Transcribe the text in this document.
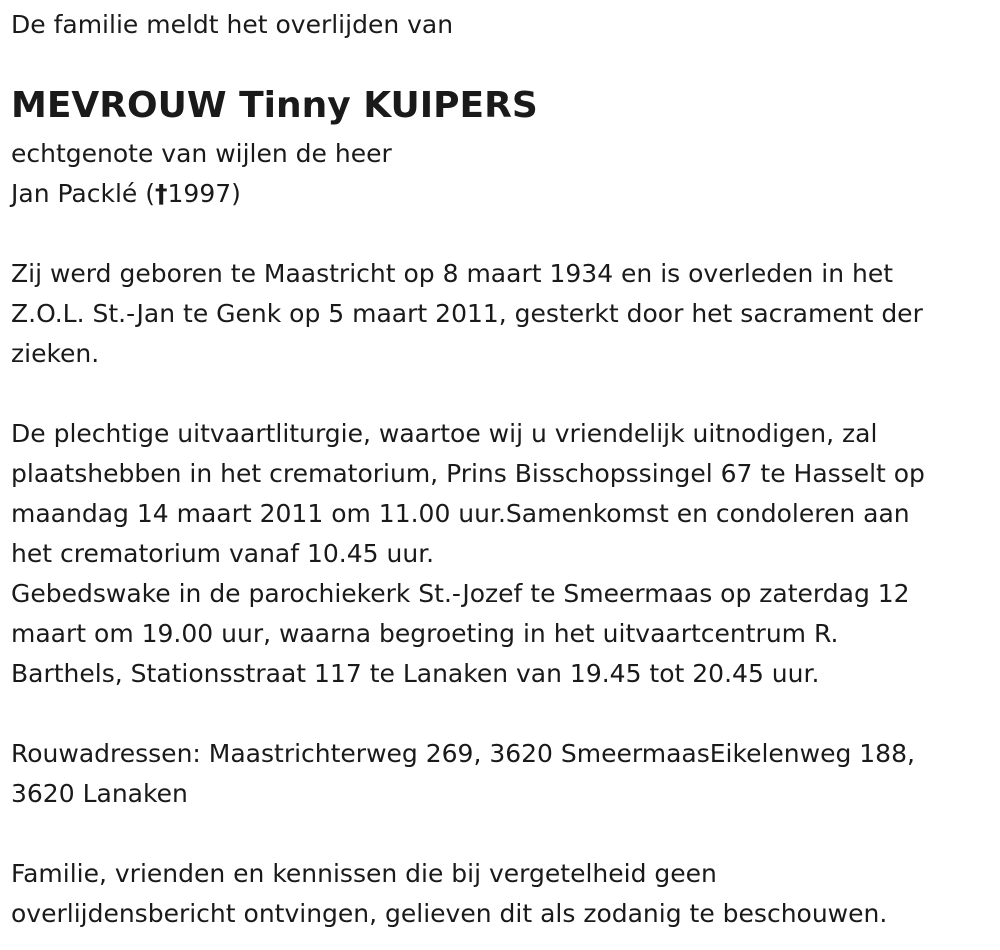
De familie meldt het overlijden van

MEVROUW Tinny KUIPERS

echtgenote van wijlen de heer

Jan Packlé (†1997)

Zij werd geboren te Maastricht op 8 maart 1934 en is overleden in het

Z.O.L. St.-Jan te Genk op 5 maart 2011, gesterkt door het sacrament der

zieken.

De plechtige uitvaartliturgie, waartoe wij u vriendelijk uitnodigen, zal

plaatshebben in het crematorium, Prins Bisschopssingel 67 te Hasselt op

maandag 14 maart 2011 om 11.00 uur.Samenkomst en condoleren aan

het crematorium vanaf 10.45 uur.

Gebedswake in de parochiekerk St.-Jozef te Smeermaas op zaterdag 12

maart om 19.00 uur, waarna begroeting in het uitvaartcentrum R.

Barthels, Stationsstraat 117 te Lanaken van 19.45 tot 20.45 uur.

Rouwadressen: Maastrichterweg 269, 3620 SmeermaasEikelenweg 188,

3620 Lanaken

Familie, vrienden en kennissen die bij vergetelheid geen

overlijdensbericht ontvingen, gelieven dit als zodanig te beschouwen.
